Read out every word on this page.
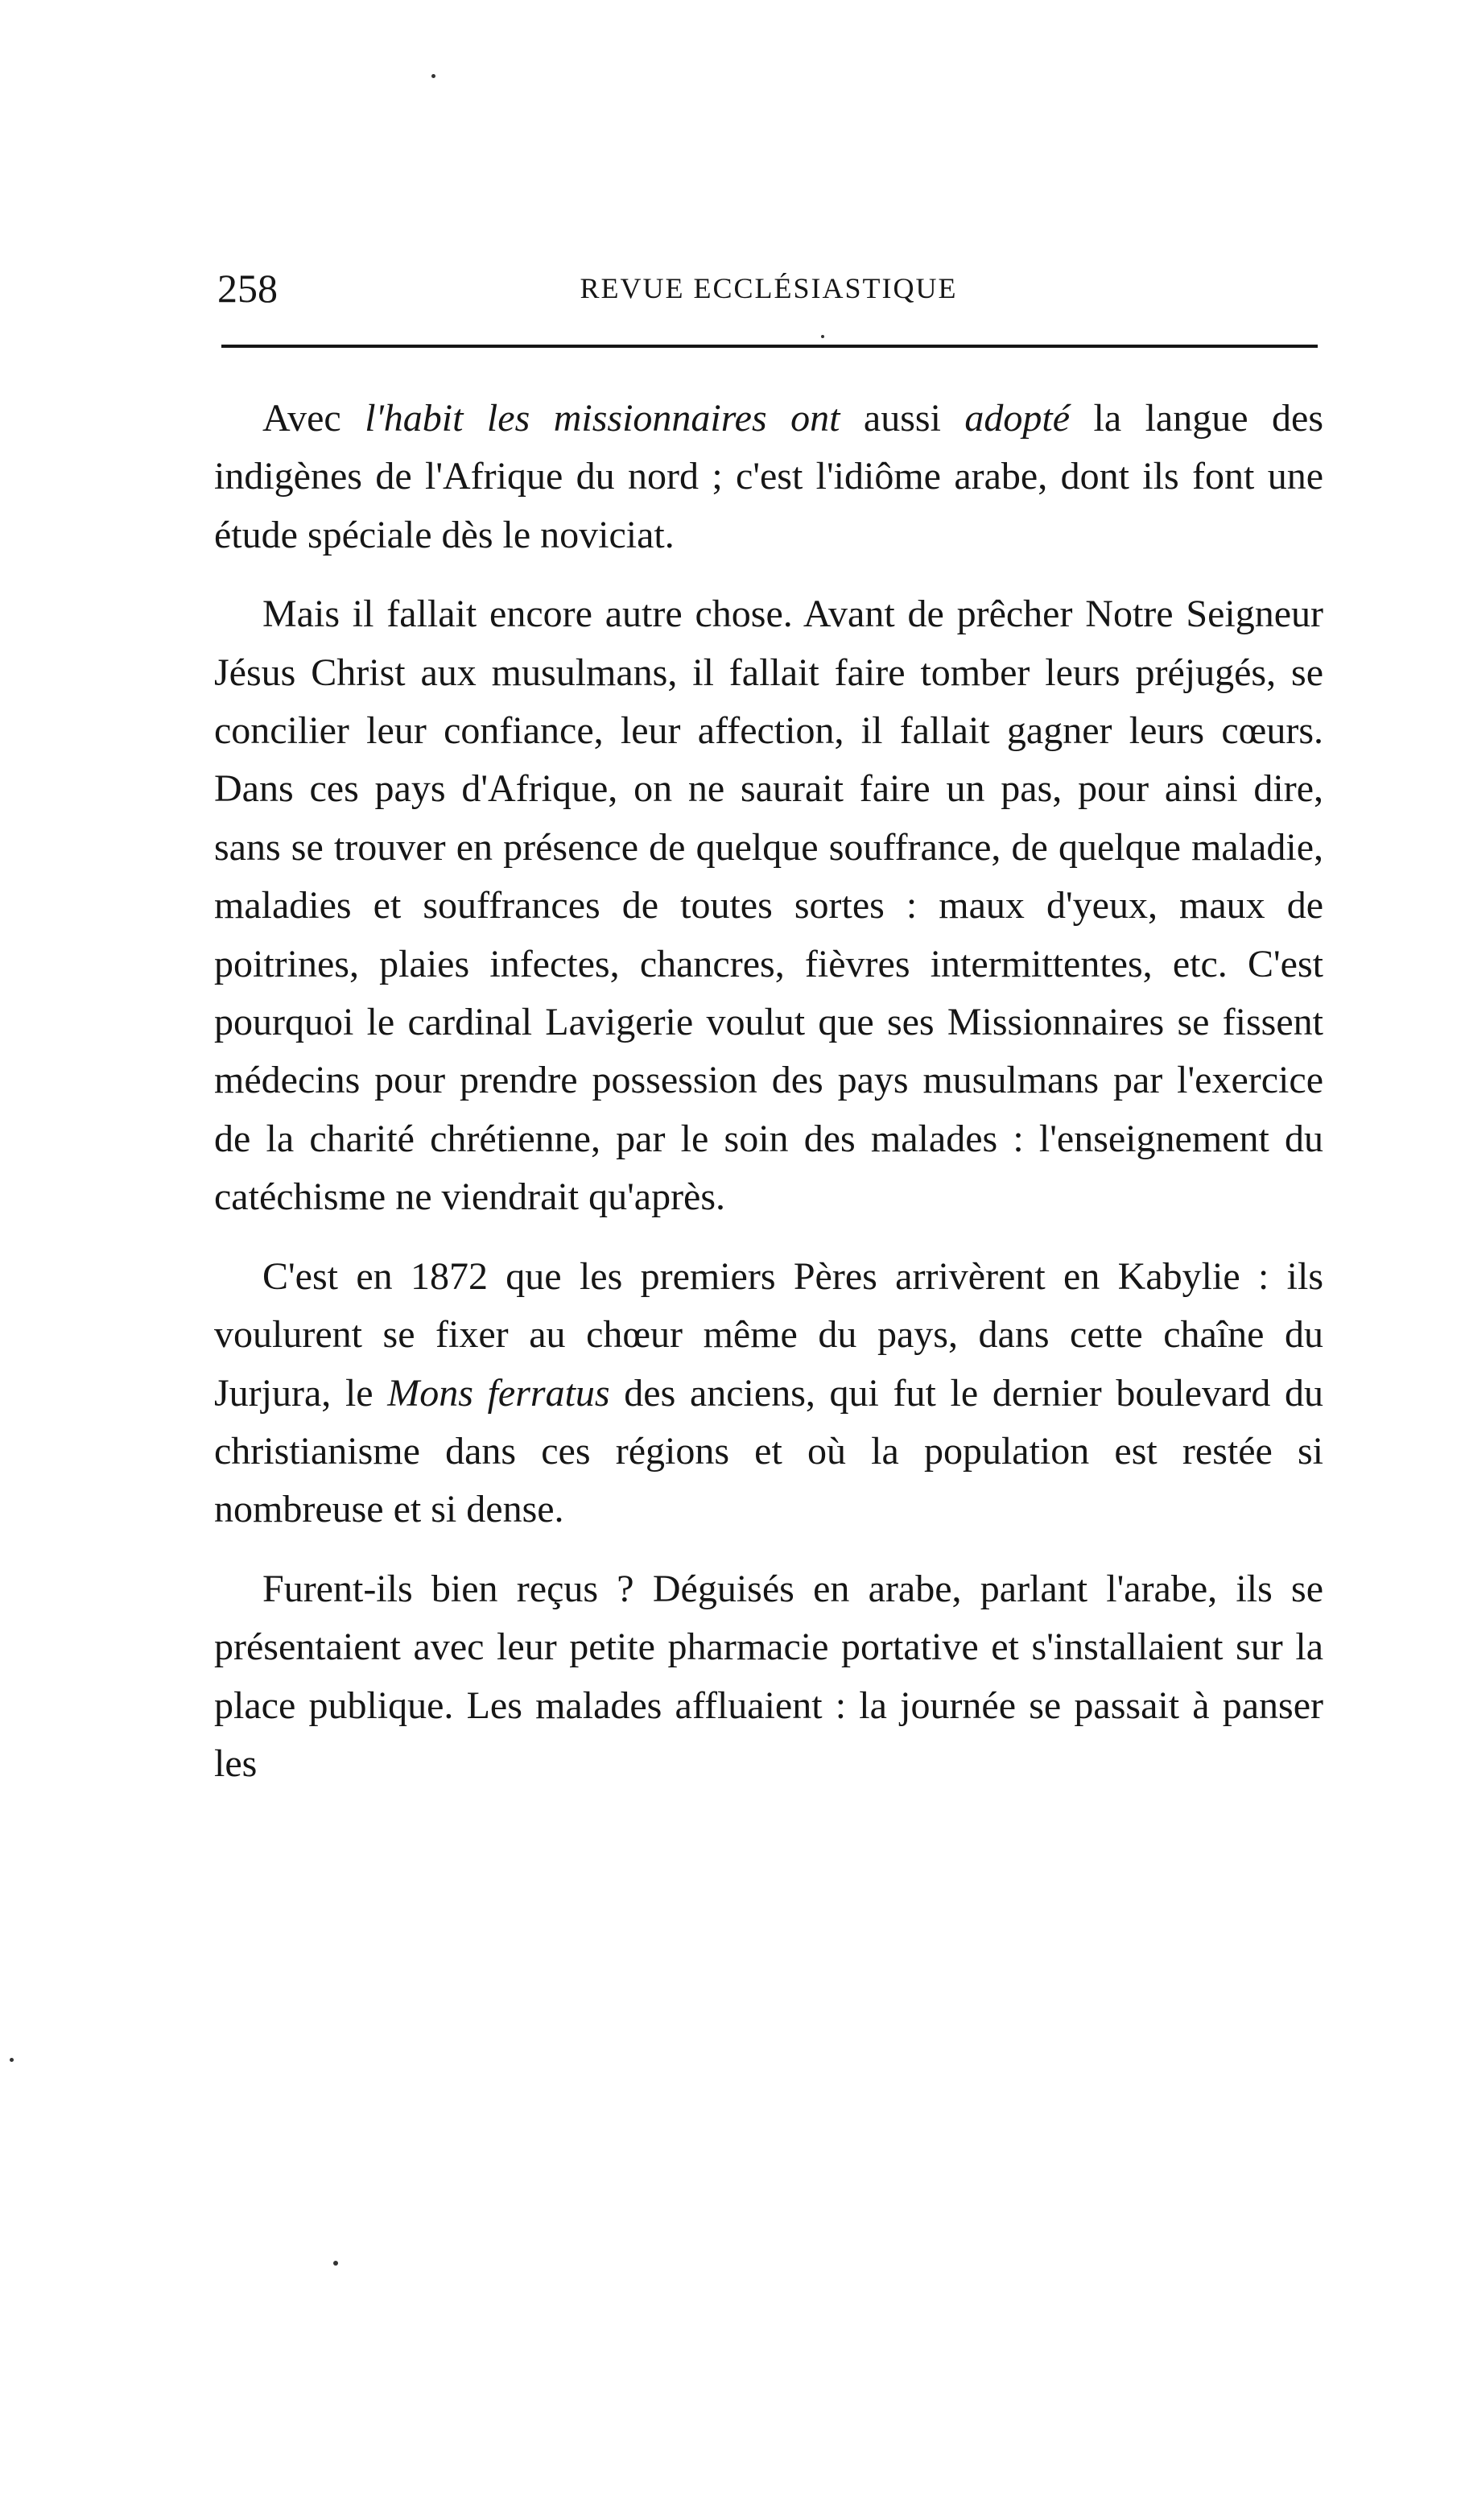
258	REVUE ECCLÉSIASTIQUE

Avec l'habit les missionnaires ont aussi adopté la langue des indigènes de l'Afrique du nord ; c'est l'idiôme arabe, dont ils font une étude spéciale dès le noviciat.

Mais il fallait encore autre chose. Avant de prêcher Notre Seigneur Jésus Christ aux musulmans, il fallait faire tomber leurs préjugés, se concilier leur confiance, leur affection, il fallait gagner leurs cœurs. Dans ces pays d'Afrique, on ne saurait faire un pas, pour ainsi dire, sans se trouver en présence de quelque souffrance, de quelque maladie, maladies et souffrances de toutes sortes : maux d'yeux, maux de poitrines, plaies infectes, chancres, fièvres intermittentes, etc. C'est pourquoi le cardinal Lavigerie voulut que ses Missionnaires se fissent médecins pour prendre possession des pays musulmans par l'exercice de la charité chrétienne, par le soin des malades : l'enseignement du catéchisme ne viendrait qu'après.

C'est en 1872 que les premiers Pères arrivèrent en Kabylie : ils voulurent se fixer au chœur même du pays, dans cette chaîne du Jurjura, le Mons ferratus des anciens, qui fut le dernier boulevard du christianisme dans ces régions et où la population est restée si nombreuse et si dense.

Furent-ils bien reçus ? Déguisés en arabe, parlant l'arabe, ils se présentaient avec leur petite pharmacie portative et s'installaient sur la place publique. Les malades affluaient : la journée se passait à panser les
